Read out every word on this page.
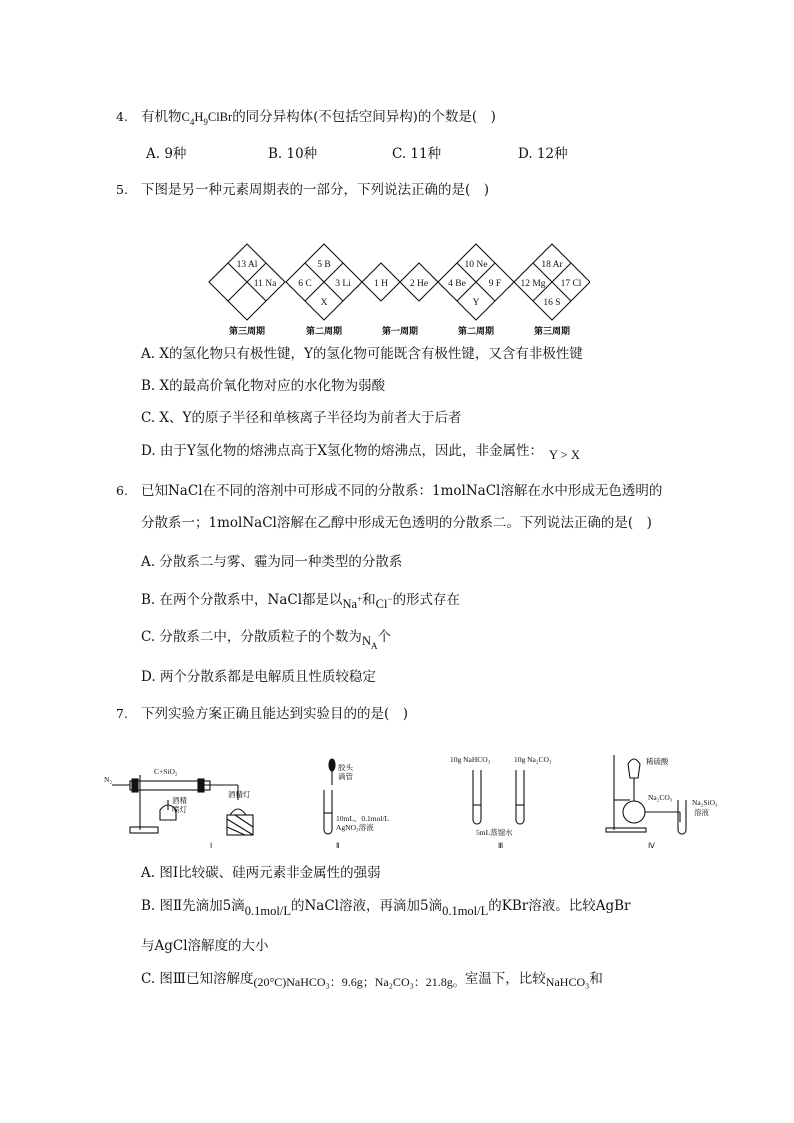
4. 有机物$C_4H_9ClBr$的同分异构体(不包括空间异构)的个数是(　)
A. 9种	B. 10种	C. 11种	D. 12种
5. 下图是另一种元素周期表的一部分，下列说法正确的是(　)
13 Al
11 Na
5 B
6 C 3 Li
X
1 H 2 He
10 Ne
4 Be 9 F
Y
18 Ar
12 Mg 17 Cl
16 S
第三周期	第二周期	第一周期	第二周期	第三周期
A. X的氢化物只有极性键，Y的氢化物可能既含有极性键，又含有非极性键
B. X的最高价氧化物对应的水化物为弱酸
C. X、Y的原子半径和单核离子半径均为前者大于后者
D. 由于Y氢化物的熔沸点高于X氢化物的熔沸点，因此，非金属性： Y > X
6. 已知NaCl在不同的溶剂中可形成不同的分散系：1molNaCl溶解在水中形成无色透明的
分散系一；1molNaCl溶解在乙醇中形成无色透明的分散系二。下列说法正确的是(　)
A. 分散系二与雾、霾为同一种类型的分散系
B. 在两个分散系中，NaCl都是以Na+和Cl−的形式存在
C. 分散系二中，分散质粒子的个数为$N_A$个
D. 两个分散系都是电解质且性质较稳定
7. 下列实验方案正确且能达到实验目的的是(　)
N₂
C+SiO₂
酒精
喷灯
酒精灯
Ⅰ
胶头
滴管
10mL、0.1mol/L
AgNO₃溶液
Ⅱ
10g NaHCO₃	10g Na₂CO₃
5mL蒸馏水
Ⅲ
稀硫酸
Na₂CO₃
Na₂SiO₃
溶液
Ⅳ
A. 图Ⅰ比较碳、硅两元素非金属性的强弱
B. 图Ⅱ先滴加5滴0.1mol/L的NaCl溶液，再滴加5滴0.1mol/L的KBr溶液。比较AgBr
与AgCl溶解度的大小
C. 图Ⅲ已知溶解度(20°C)NaHCO₃：9.6g；Na₂CO₃：21.8g。室温下，比较NaHCO₃和
